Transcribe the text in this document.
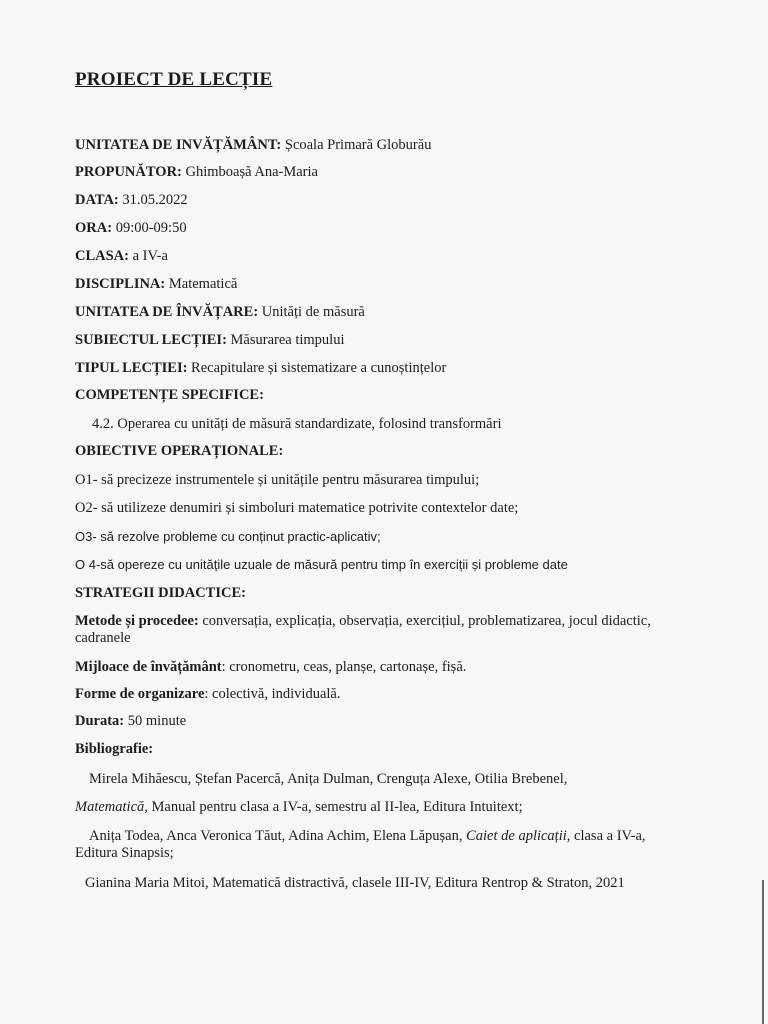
PROIECT DE LECȚIE
UNITATEA DE INVĂȚĂMÂNT: Școala Primară Globurău
PROPUNĂTOR: Ghimboașă Ana-Maria
DATA: 31.05.2022
ORA: 09:00-09:50
CLASA: a IV-a
DISCIPLINA: Matematică
UNITATEA DE ÎNVĂȚARE: Unități de măsură
SUBIECTUL LECȚIEI: Măsurarea timpului
TIPUL LECȚIEI: Recapitulare și sistematizare a cunoștințelor
COMPETENȚE SPECIFICE:
4.2. Operarea cu unități de măsură standardizate, folosind transformări
OBIECTIVE OPERAȚIONALE:
O1- să precizeze instrumentele și unitățile pentru măsurarea timpului;
O2- să utilizeze denumiri și simboluri matematice potrivite contextelor date;
O3- să rezolve probleme cu conținut practic-aplicativ;
O 4-să opereze cu unitățile uzuale de măsură pentru timp în exerciții și probleme date
STRATEGII DIDACTICE:
Metode și procedee: conversația, explicația, observația, exercițiul, problematizarea, jocul didactic, cadranele
Mijloace de învățământ: cronometru, ceas, planșe, cartonașe, fișă.
Forme de organizare: colectivă, individuală.
Durata: 50 minute
Bibliografie:
Mirela Mihăescu, Ștefan Pacercă, Anița Dulman, Crenguța Alexe, Otilia Brebenel,
Matematică, Manual pentru clasa a IV-a, semestru al II-lea, Editura Intuitext;
Anița Todea, Anca Veronica Tăut, Adina Achim, Elena Lăpușan, Caiet de aplicații, clasa a IV-a,
Editura Sinapsis;
Gianina Maria Mitoi, Matematică distractivă, clasele III-IV, Editura Rentrop & Straton, 2021
